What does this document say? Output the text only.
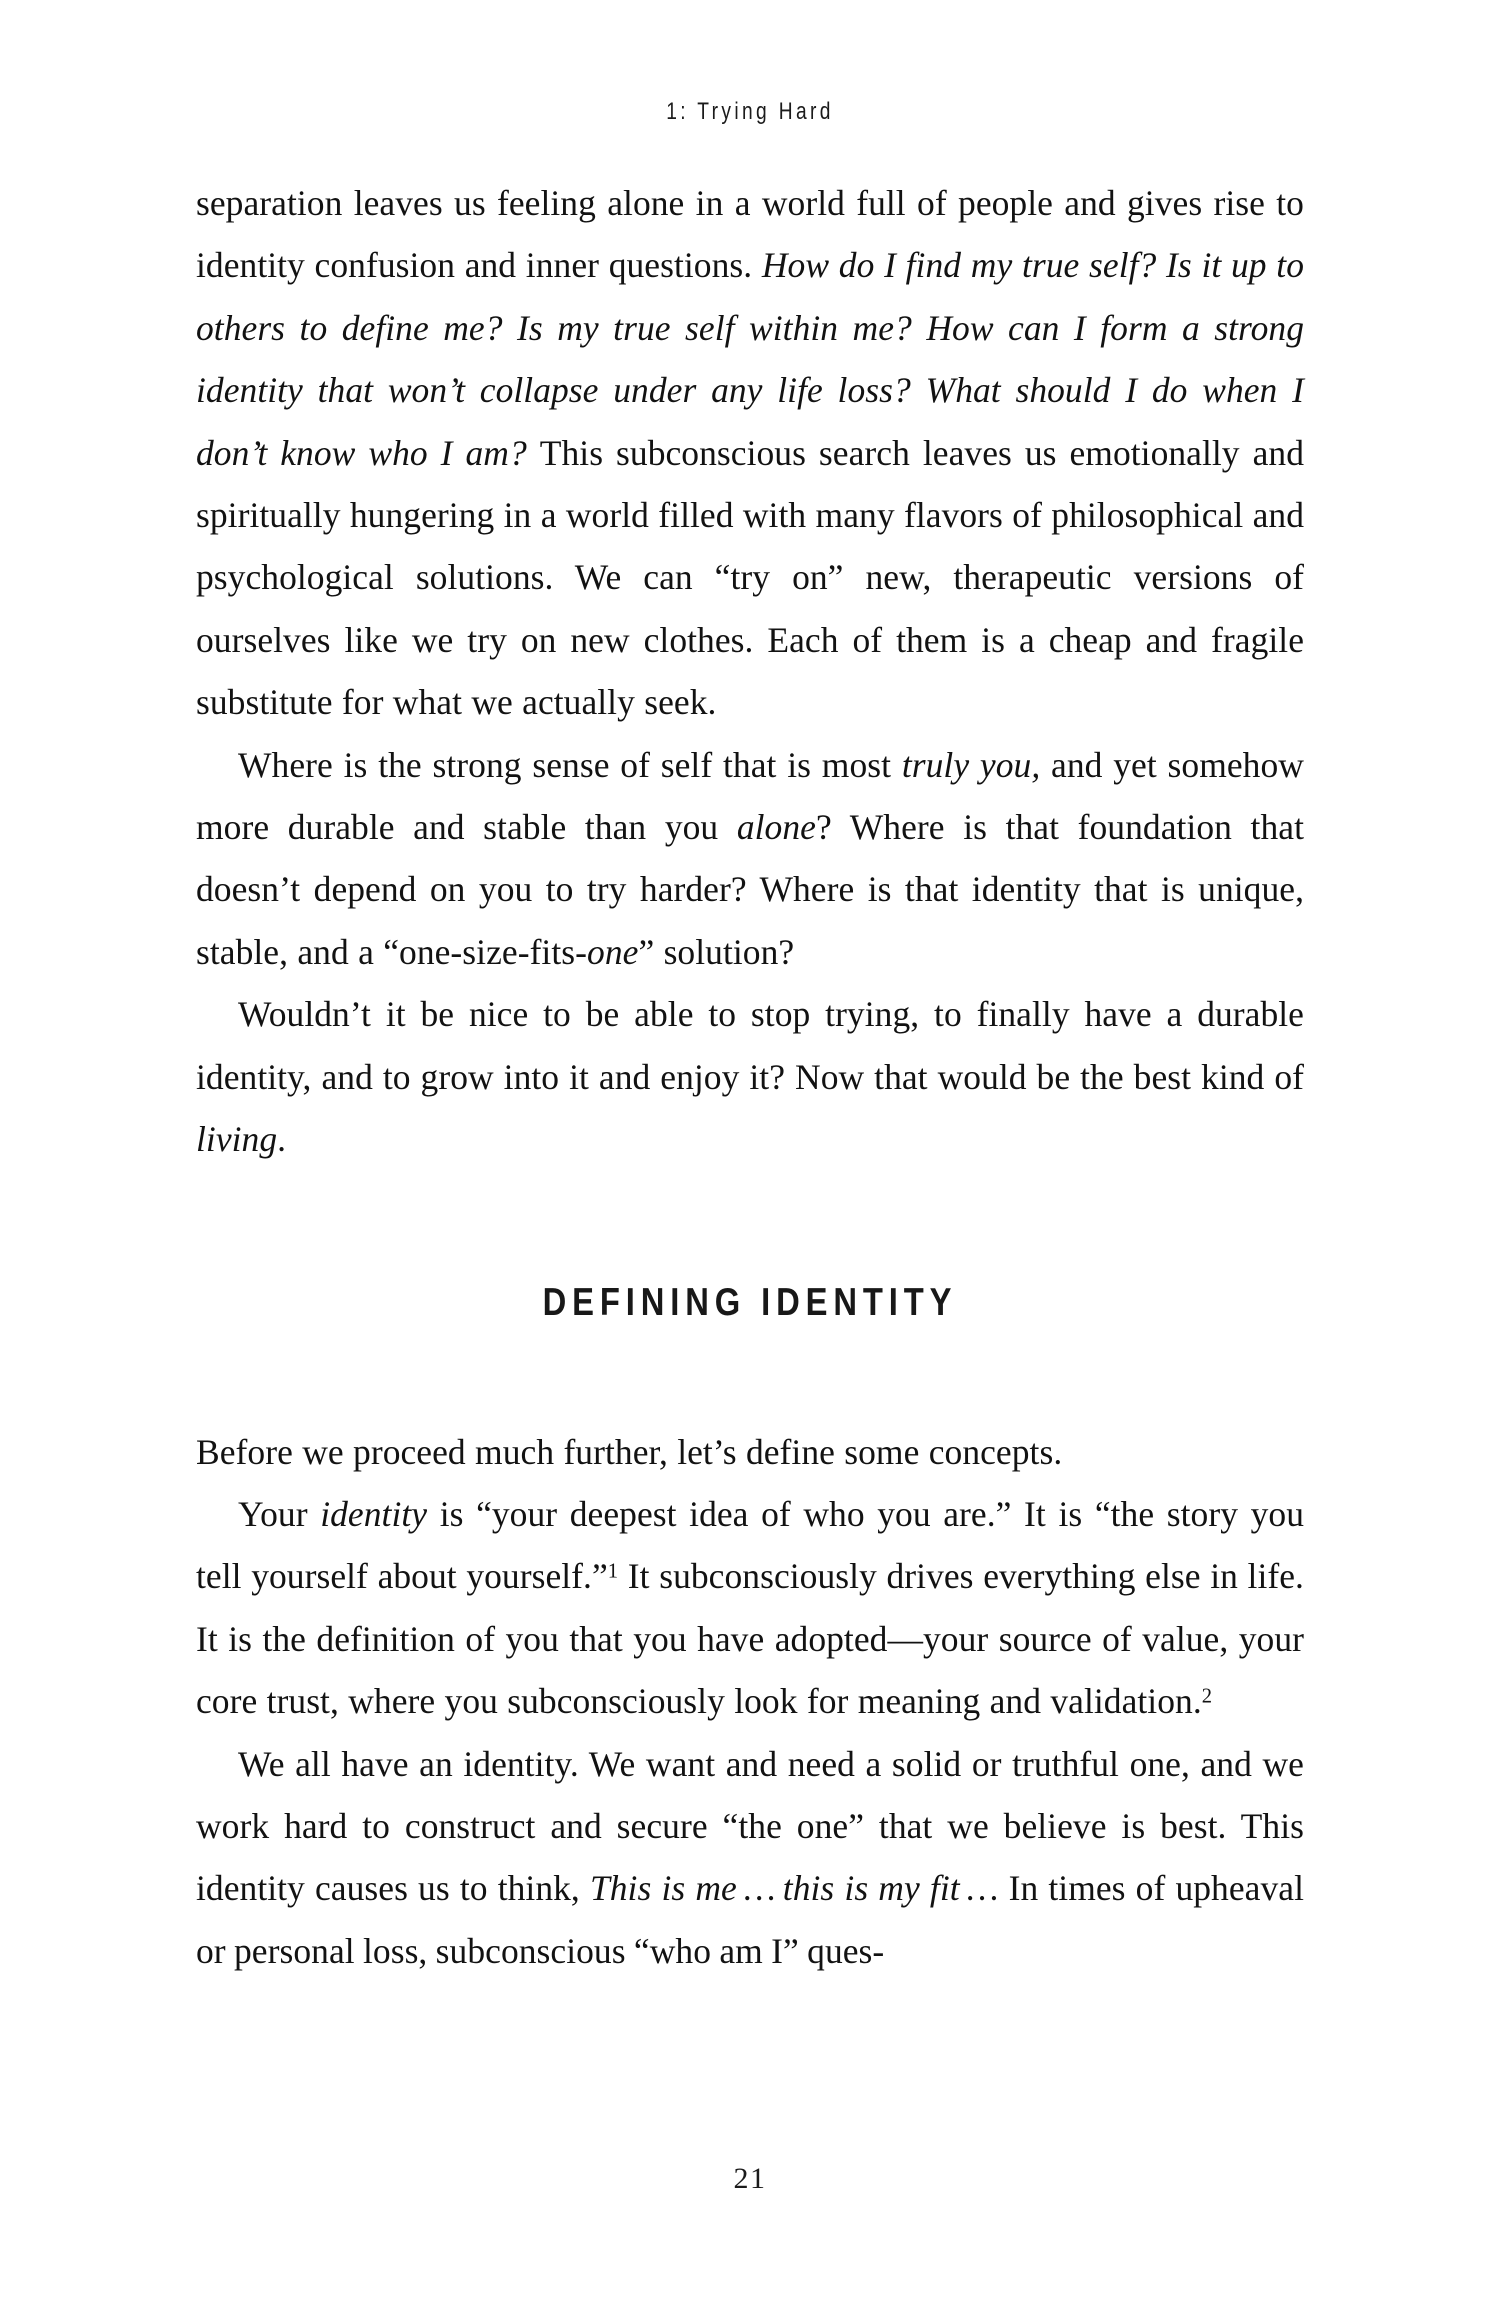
1: Trying Hard

separation leaves us feeling alone in a world full of people and gives rise to identity confusion and inner questions. How do I find my true self? Is it up to others to define me? Is my true self within me? How can I form a strong identity that won’t collapse under any life loss? What should I do when I don’t know who I am? This subconscious search leaves us emotionally and spiritually hungering in a world filled with many flavors of philosophical and psychological solutions. We can “try on” new, therapeutic versions of ourselves like we try on new clothes. Each of them is a cheap and fragile substitute for what we actually seek.

Where is the strong sense of self that is most truly you, and yet somehow more durable and stable than you alone? Where is that foundation that doesn’t depend on you to try harder? Where is that identity that is unique, stable, and a “one-size-fits-one” solution?

Wouldn’t it be nice to be able to stop trying, to finally have a durable identity, and to grow into it and enjoy it? Now that would be the best kind of living.

DEFINING IDENTITY

Before we proceed much further, let’s define some concepts.

Your identity is “your deepest idea of who you are.” It is “the story you tell yourself about yourself.”$^1$ It subconsciously drives everything else in life. It is the definition of you that you have adopted—your source of value, your core trust, where you subconsciously look for meaning and validation.$^2$

We all have an identity. We want and need a solid or truthful one, and we work hard to construct and secure “the one” that we believe is best. This identity causes us to think, This is me … this is my fit … In times of upheaval or personal loss, subconscious “who am I” ques-

21
